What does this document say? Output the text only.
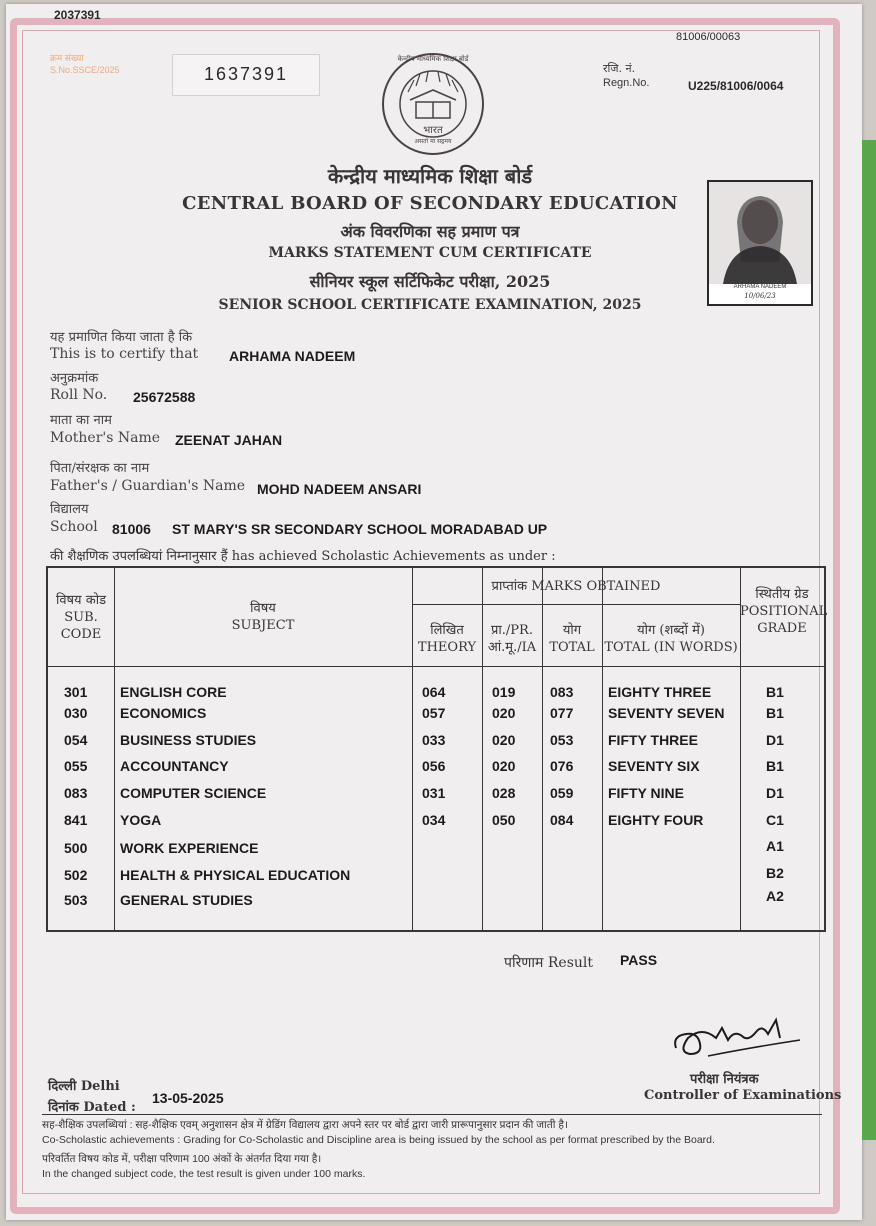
2037391
81006/00063
क्रम संख्या
S.No.SSCE/2025	1637391	रजि. नं.
Regn.No.	U225/81006/0064
केन्द्रीय माध्यमिक शिक्षा बोर्ड
भारत
असतो मा सद्गमय
केन्द्रीय माध्यमिक शिक्षा बोर्ड
CENTRAL BOARD OF SECONDARY EDUCATION
अंक विवरणिका सह प्रमाण पत्र
MARKS STATEMENT CUM CERTIFICATE
सीनियर स्कूल सर्टिफिकेट परीक्षा, 2025
SENIOR SCHOOL CERTIFICATE EXAMINATION, 2025
ARHAMA NADEEM
10/06/23
यह प्रमाणित किया जाता है कि
This is to certify that ARHAMA NADEEM
अनुक्रमांक
Roll No. 25672588
माता का नाम
Mother's Name ZEENAT JAHAN
पिता/संरक्षक का नाम
Father's / Guardian's Name MOHD NADEEM ANSARI
विद्यालय
School 81006 ST MARY'S SR SECONDARY SCHOOL MORADABAD UP
की शैक्षणिक उपलब्धियां निम्नानुसार हैं has achieved Scholastic Achievements as under :
विषय कोड
SUB.
CODE
विषय
SUBJECT
प्राप्तांक MARKS OBTAINED
लिखित
THEORY
प्रा./PR.
आं.मू./IA
योग
TOTAL
योग (शब्दों में)
TOTAL (IN WORDS)
स्थितीय ग्रेड
POSITIONAL
GRADE
301 ENGLISH CORE	064	019 083 EIGHTY THREE	B1
030 ECONOMICS	057	020 077 SEVENTY SEVEN	B1
054 BUSINESS STUDIES	033	020 053 FIFTY THREE	D1
055 ACCOUNTANCY	056	020 076 SEVENTY SIX	B1
083 COMPUTER SCIENCE	031	028 059 FIFTY NINE	D1
841 YOGA	034	050 084 EIGHTY FOUR	C1
500 WORK EXPERIENCE	A1
502 HEALTH & PHYSICAL EDUCATION	B2
503 GENERAL STUDIES	A2
परिणाम Result PASS
परीक्षा नियंत्रक
Controller of Examinations
दिल्ली Delhi
दिनांक Dated :
13-05-2025
सह-शैक्षिक उपलब्धियां : सह-शैक्षिक एवम् अनुशासन क्षेत्र में ग्रेडिंग विद्यालय द्वारा अपने स्तर पर बोर्ड द्वारा जारी प्रारूपानुसार प्रदान की जाती है।
Co-Scholastic achievements : Grading for Co-Scholastic and Discipline area is being issued by the school as per format prescribed by the Board.
परिवर्तित विषय कोड में, परीक्षा परिणाम 100 अंकों के अंतर्गत दिया गया है।
In the changed subject code, the test result is given under 100 marks.
